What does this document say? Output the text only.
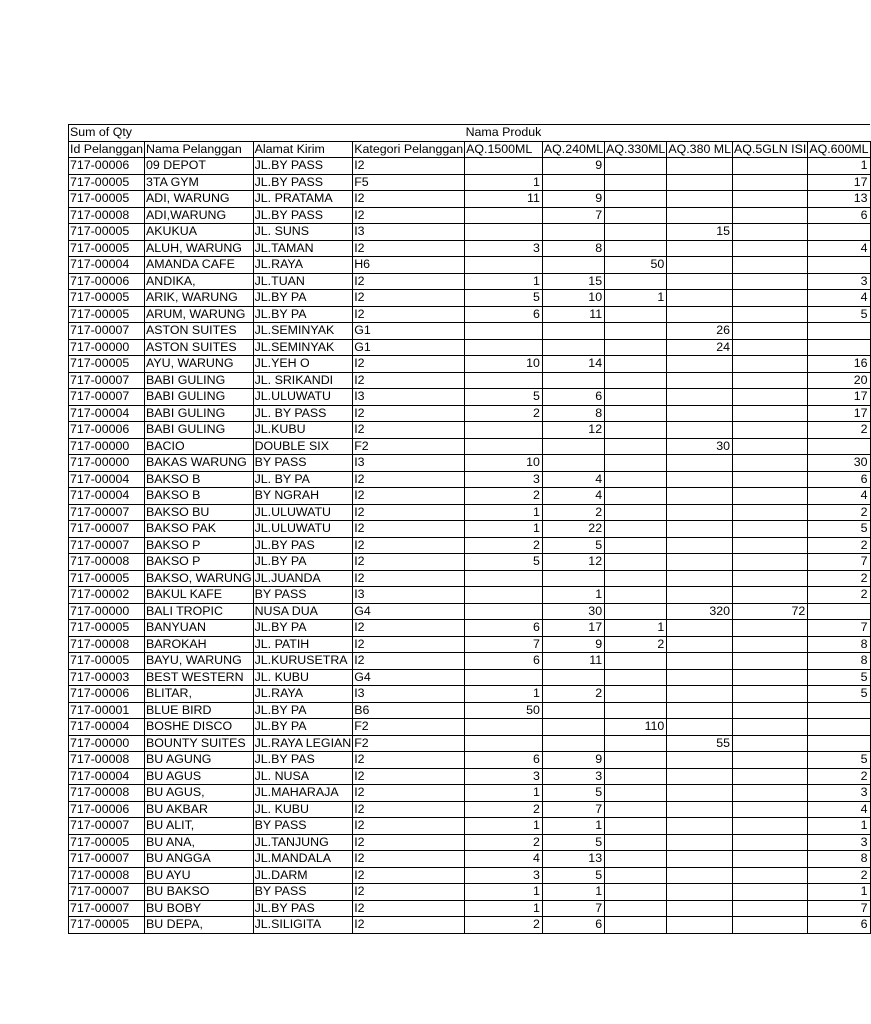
Sum of Qty				Nama Produk					
Id Pelanggan	Nama Pelanggan	Alamat Kirim	Kategori Pelanggan	AQ.1500ML	AQ.240ML	AQ.330ML	AQ.380 ML	AQ.5GLN ISI	AQ.600ML
717-00006	09 DEPOT	JL.BY PASS	I2		9				1
717-00005	3TA GYM	JL.BY PASS	F5	1					17
717-00005	ADI, WARUNG	JL. PRATAMA	I2	11	9				13
717-00008	ADI,WARUNG	JL.BY PASS	I2		7				6
717-00005	AKUKUA	JL. SUNS	I3				15		
717-00005	ALUH, WARUNG	JL.TAMAN	I2	3	8				4
717-00004	AMANDA CAFE	JL.RAYA	H6			50			
717-00006	ANDIKA,	JL.TUAN	I2	1	15				3
717-00005	ARIK, WARUNG	JL.BY PA	I2	5	10	1			4
717-00005	ARUM, WARUNG	JL.BY PA	I2	6	11				5
717-00007	ASTON SUITES	JL.SEMINYAK	G1				26		
717-00000	ASTON SUITES	JL.SEMINYAK	G1				24		
717-00005	AYU, WARUNG	JL.YEH O	I2	10	14				16
717-00007	BABI GULING	JL. SRIKANDI	I2						20
717-00007	BABI GULING	JL.ULUWATU	I3	5	6				17
717-00004	BABI GULING	JL. BY PASS	I2	2	8				17
717-00006	BABI GULING	JL.KUBU	I2		12				2
717-00000	BACIO	DOUBLE SIX	F2				30		
717-00000	BAKAS WARUNG	BY PASS	I3	10					30
717-00004	BAKSO B	JL. BY PA	I2	3	4				6
717-00004	BAKSO B	BY NGRAH	I2	2	4				4
717-00007	BAKSO BU	JL.ULUWATU	I2	1	2				2
717-00007	BAKSO PAK	JL.ULUWATU	I2	1	22				5
717-00007	BAKSO P	JL.BY PAS	I2	2	5				2
717-00008	BAKSO P	JL.BY PA	I2	5	12				7
717-00005	BAKSO, WARUNG	JL.JUANDA	I2						2
717-00002	BAKUL KAFE	BY PASS	I3		1				2
717-00000	BALI TROPIC	NUSA DUA	G4		30		320	72	
717-00005	BANYUAN	JL.BY PA	I2	6	17	1			7
717-00008	BAROKAH	JL. PATIH	I2	7	9	2			8
717-00005	BAYU, WARUNG	JL.KURUSETRA	I2	6	11				8
717-00003	BEST WESTERN	JL. KUBU	G4						5
717-00006	BLITAR,	JL.RAYA	I3	1	2				5
717-00001	BLUE BIRD	JL.BY PA	B6	50					
717-00004	BOSHE DISCO	JL.BY PA	F2			110			
717-00000	BOUNTY SUITES	JL.RAYA LEGIAN	F2				55		
717-00008	BU AGUNG	JL.BY PAS	I2	6	9				5
717-00004	BU AGUS	JL. NUSA	I2	3	3				2
717-00008	BU AGUS,	JL.MAHARAJA	I2	1	5				3
717-00006	BU AKBAR	JL. KUBU	I2	2	7				4
717-00007	BU ALIT,	BY PASS	I2	1	1				1
717-00005	BU ANA,	JL.TANJUNG	I2	2	5				3
717-00007	BU ANGGA	JL.MANDALA	I2	4	13				8
717-00008	BU AYU	JL.DARM	I2	3	5				2
717-00007	BU BAKSO	BY PASS	I2	1	1				1
717-00007	BU BOBY	JL.BY PAS	I2	1	7				7
717-00005	BU DEPA,	JL.SILIGITA	I2	2	6				6
